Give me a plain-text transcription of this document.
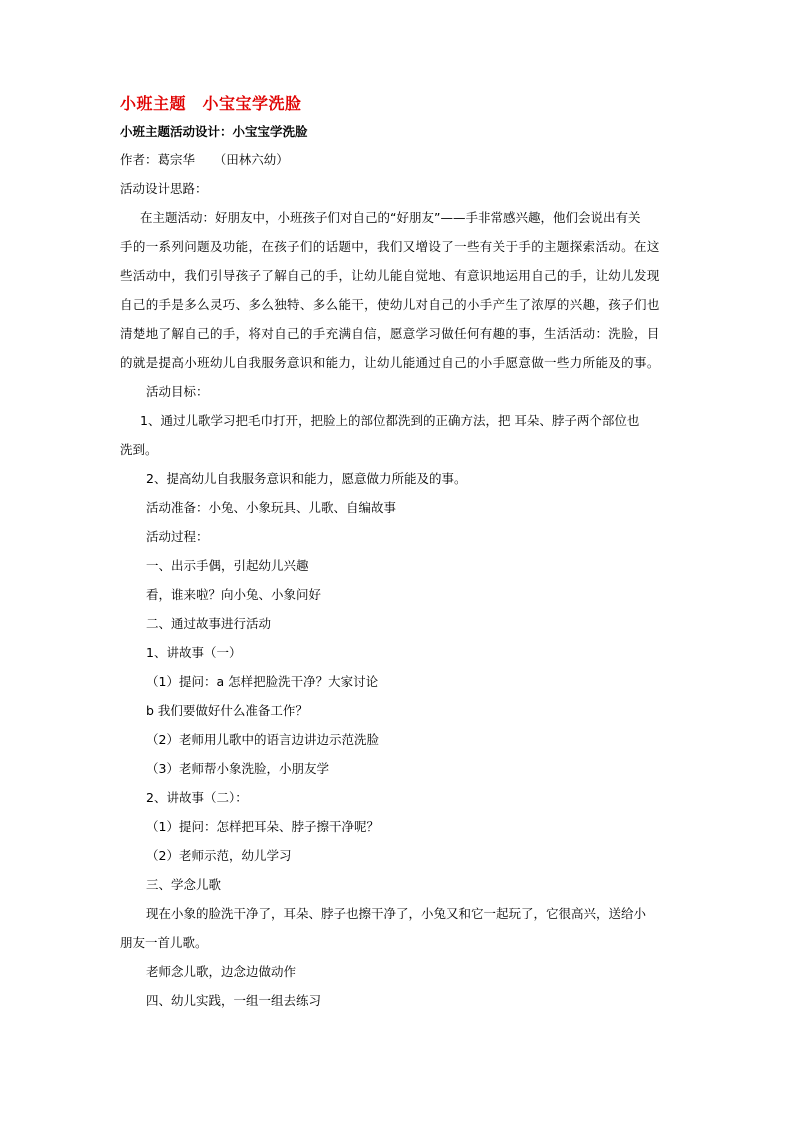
小班主题　小宝宝学洗脸
小班主题活动设计：小宝宝学洗脸
作者：葛宗华　　（田林六幼）
活动设计思路：
在主题活动：好朋友中，小班孩子们对自己的“好朋友”——手非常感兴趣，他们会说出有关
手的一系列问题及功能，在孩子们的话题中，我们又增设了一些有关于手的主题探索活动。在这
些活动中，我们引导孩子了解自己的手，让幼儿能自觉地、有意识地运用自己的手，让幼儿发现
自己的手是多么灵巧、多么独特、多么能干，使幼儿对自己的小手产生了浓厚的兴趣，孩子们也
清楚地了解自己的手，将对自己的手充满自信，愿意学习做任何有趣的事，生活活动：洗脸，目
的就是提高小班幼儿自我服务意识和能力，让幼儿能通过自己的小手愿意做一些力所能及的事。
活动目标：
1、通过儿歌学习把毛巾打开，把脸上的部位都洗到的正确方法，把 耳朵、脖子两个部位也
洗到。
2、提高幼儿自我服务意识和能力，愿意做力所能及的事。
活动准备：小兔、小象玩具、儿歌、自编故事
活动过程：
一、出示手偶，引起幼儿兴趣
看，谁来啦？向小兔、小象问好
二、通过故事进行活动
1、讲故事（一）
（1）提问：a 怎样把脸洗干净？大家讨论
b 我们要做好什么准备工作？
（2）老师用儿歌中的语言边讲边示范洗脸
（3）老师帮小象洗脸，小朋友学
2、讲故事（二）：
（1）提问：怎样把耳朵、脖子擦干净呢？
（2）老师示范，幼儿学习
三、学念儿歌
现在小象的脸洗干净了，耳朵、脖子也擦干净了，小兔又和它一起玩了，它很高兴，送给小
朋友一首儿歌。
老师念儿歌，边念边做动作
四、幼儿实践，一组一组去练习
